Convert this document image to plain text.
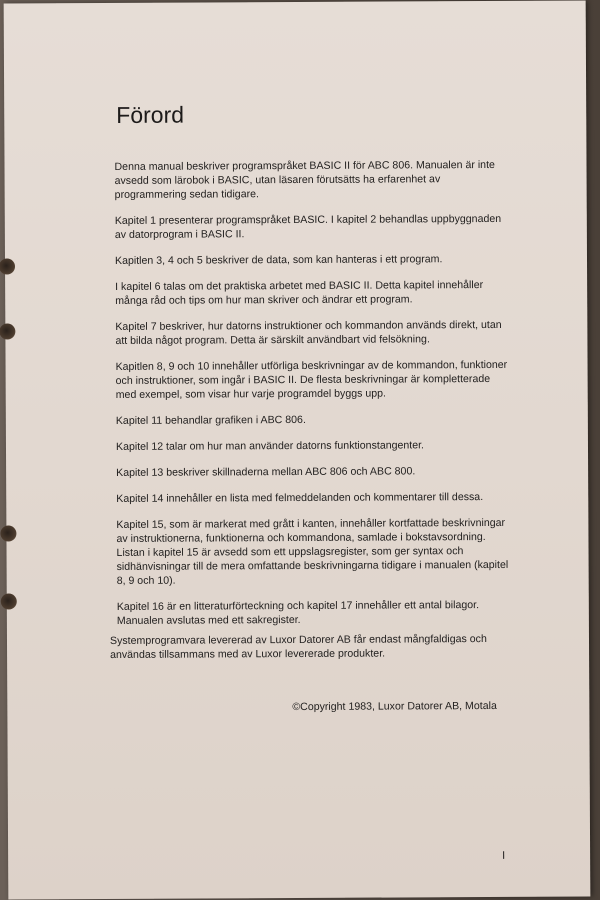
Förord

Denna manual beskriver programspråket BASIC II för ABC 806. Manualen är inte avsedd som lärobok i BASIC, utan läsaren förutsätts ha erfarenhet av programmering sedan tidigare.

Kapitel 1 presenterar programspråket BASIC. I kapitel 2 behandlas uppbyggnaden av datorprogram i BASIC II.

Kapitlen 3, 4 och 5 beskriver de data, som kan hanteras i ett program.

I kapitel 6 talas om det praktiska arbetet med BASIC II. Detta kapitel innehåller många råd och tips om hur man skriver och ändrar ett program.

Kapitel 7 beskriver, hur datorns instruktioner och kommandon används direkt, utan att bilda något program. Detta är särskilt användbart vid felsökning.

Kapitlen 8, 9 och 10 innehåller utförliga beskrivningar av de kommandon, funktioner och instruktioner, som ingår i BASIC II. De flesta beskrivningar är kompletterade med exempel, som visar hur varje programdel byggs upp.

Kapitel 11 behandlar grafiken i ABC 806.

Kapitel 12 talar om hur man använder datorns funktionstangenter.

Kapitel 13 beskriver skillnaderna mellan ABC 806 och ABC 800.

Kapitel 14 innehåller en lista med felmeddelanden och kommentarer till dessa.

Kapitel 15, som är markerat med grått i kanten, innehåller kortfattade beskrivningar av instruktionerna, funktionerna och kommandona, samlade i bokstavsordning. Listan i kapitel 15 är avsedd som ett uppslagsregister, som ger syntax och sidhänvisningar till de mera omfattande beskrivningarna tidigare i manualen (kapitel 8, 9 och 10).

Kapitel 16 är en litteraturförteckning och kapitel 17 innehåller ett antal bilagor. Manualen avslutas med ett sakregister.

Systemprogramvara levererad av Luxor Datorer AB får endast mångfaldigas och användas tillsammans med av Luxor levererade produkter.

©Copyright 1983, Luxor Datorer AB, Motala

I
